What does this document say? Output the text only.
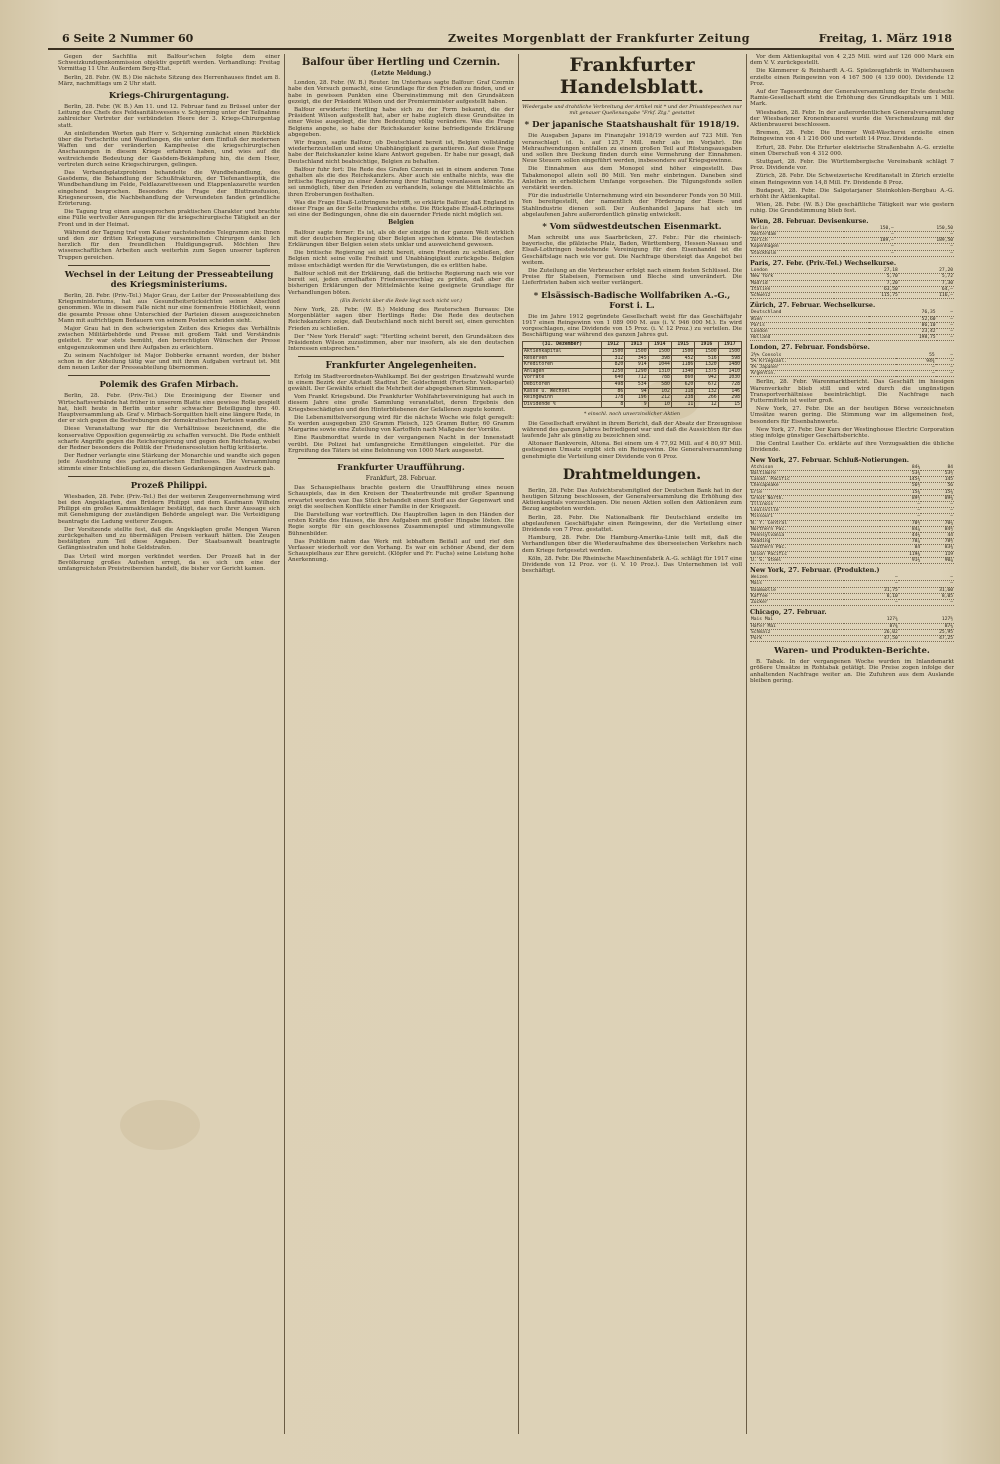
6 Seite 2 Nummer 60	Zweites Morgenblatt der Frankfurter Zeitung	Freitag, 1. März 1918

Gegen der Sachfilia mit Balfour'schen folgte dem einer Schweizkundigenkommission objektiv geprüft werden. Verhandlung: Freitag Vormittag 11 Uhr. Außerdem Berg-Etat.

Berlin, 28. Febr. (W. B.) Die nächste Sitzung des Herrenhauses findet am 8. März, nachmittags um 2 Uhr statt.

Kriegs-Chirurgentagung.

Berlin, 28. Febr. (W. B.) Am 11. und 12. Februar fand zu Brüssel unter der Leitung des Chefs des Feldsanitätswesens v. Schjerning unter der Teilnahme zahlreicher Vertreter der verbündeten Heere der 3. Kriegs-Chirurgentag statt.

An einleitenden Worten gab Herr v. Schjerning zunächst einen Rückblick über die Fortschritte und Wandlungen, die unter dem Einfluß der modernen Waffen und der veränderten Kampfweise die kriegschirurgischen Anschauungen in diesem Kriege erfahren haben, und wies auf die weitreichende Bedeutung der Gasödem-Bekämpfung hin, die dem Heer, vertreten durch seine Kriegschirurgen, gelingen.

Das Verbandsplatzproblem behandelte die Wundbehandlung, des Gasödems, die Behandlung der Schußfrakturen, der Tiefenantiseptik, die Wundbehandlung im Felde, Feldlazarettwesen und Etappenlazarette wurden eingehend besprochen. Besonders die Frage der Bluttransfusion, Kriegsneurosen, die Nachbehandlung der Verwundeten fanden gründliche Erörterung.

Die Tagung trug einen ausgesprochen praktischen Charakter und brachte eine Fülle wertvoller Anregungen für die kriegschirurgische Tätigkeit an der Front und in der Heimat.

Während der Tagung traf vom Kaiser nachstehendes Telegramm ein: Ihnen und den zur dritten Kriegstagung versammelten Chirurgen danke Ich herzlich für den freundlichen Huldigungsgruß. Möchten Ihre wissenschaftlichen Arbeiten auch weiterhin zum Segen unserer tapferen Truppen gereichen.

Wechsel in der Leitung der Presseabteilung des Kriegsministeriums.

Berlin, 28. Febr. (Priv.-Tel.) Major Grau, der Leiter der Presseabteilung des Kriegsministeriums, hat aus Gesundheitsrücksichten seinen Abschied genommen. Wie in diesem Falle nicht nur eine formenfreie Höflichkeit, wenn die gesamte Presse ohne Unterschied der Parteien diesen ausgezeichneten Mann mit aufrichtigem Bedauern von seinem Posten scheiden sieht.

Major Grau hat in den schwierigsten Zeiten des Krieges das Verhältnis zwischen Militärbehörde und Presse mit großem Takt und Verständnis geleitet. Er war stets bemüht, den berechtigten Wünschen der Presse entgegenzukommen und ihre Aufgaben zu erleichtern.

Zu seinem Nachfolger ist Major Dobberke ernannt worden, der bisher schon in der Abteilung tätig war und mit ihren Aufgaben vertraut ist. Mit dem neuen Leiter der Presseabteilung übernommen.

Polemik des Grafen Mirbach.

Berlin, 28. Febr. (Priv.-Tel.) Die Erzeinigung der Eisener und Wirtschaftsverbände hat früher in unserem Blatte eine gewisse Rolle gespielt hat, hielt heute in Berlin unter sehr schwacher Beteiligung ihre 40. Hauptversammlung ab. Graf v. Mirbach-Sorquitten hielt eine längere Rede, in der er sich gegen die Bestrebungen der demokratischen Parteien wandte.

Diese Veranstaltung war für die Verhältnisse bezeichnend, die die konservative Opposition gegenwärtig zu schaffen versucht. Die Rede enthielt scharfe Angriffe gegen die Reichsregierung und gegen den Reichstag, wobei der Redner besonders die Politik der Friedensresolution heftig kritisierte.

Der Redner verlangte eine Stärkung der Monarchie und wandte sich gegen jede Ausdehnung des parlamentarischen Einflusses. Die Versammlung stimmte einer Entschließung zu, die diesen Gedankengängen Ausdruck gab.

Prozeß Philippi.

Wiesbaden, 28. Febr. (Priv.-Tel.) Bei der weiteren Zeugenvernehmung wird bei den Angeklagten, den Brüdern Philippi und dem Kaufmann Wilhelm Philippi ein großes Kammaktenlager bestätigt, das nach ihrer Aussage sich mit Genehmigung der zuständigen Behörde angelegt war. Die Verteidigung beantragte die Ladung weiterer Zeugen.

Der Vorsitzende stellte fest, daß die Angeklagten große Mengen Waren zurückgehalten und zu übermäßigen Preisen verkauft hätten. Die Zeugen bestätigten zum Teil diese Angaben. Der Staatsanwalt beantragte Gefängnisstrafen und hohe Geldstrafen.

Das Urteil wird morgen verkündet werden. Der Prozeß hat in der Bevölkerung großes Aufsehen erregt, da es sich um eine der umfangreichsten Preistreibereien handelt, die bisher vor Gericht kamen.

Balfour über Hertling und Czernin.
(Letzte Meldung.)

London, 28. Febr. (W. B.) Reuter. Im Unterhaus sagte Balfour: Graf Czernin habe den Versuch gemacht, eine Grundlage für den Frieden zu finden, und er habe in gewissen Punkten eine Übereinstimmung mit den Grundsätzen gezeigt, die der Präsident Wilson und der Premierminister aufgestellt haben.

Balfour erwiderte: Hertling habe sich zu der Form bekannt, die der Präsident Wilson aufgestellt hat, aber er habe zugleich diese Grundsätze in einer Weise ausgelegt, die ihre Bedeutung völlig verändere. Was die Frage Belgiens angehe, so habe der Reichskanzler keine befriedigende Erklärung abgegeben.

Wir fragen, sagte Balfour, ob Deutschland bereit ist, Belgien vollständig wiederherzustellen und seine Unabhängigkeit zu garantieren. Auf diese Frage habe der Reichskanzler keine klare Antwort gegeben. Er habe nur gesagt, daß Deutschland nicht beabsichtige, Belgien zu behalten.

Balfour fuhr fort: Die Rede des Grafen Czernin sei in einem anderen Tone gehalten als die des Reichskanzlers. Aber auch sie enthalte nichts, was die britische Regierung zu einer Änderung ihrer Haltung veranlassen könnte. Es sei unmöglich, über den Frieden zu verhandeln, solange die Mittelmächte an ihren Eroberungen festhalten.

Was die Frage Elsaß-Lothringens betrifft, so erklärte Balfour, daß England in dieser Frage an der Seite Frankreichs stehe. Die Rückgabe Elsaß-Lothringens sei eine der Bedingungen, ohne die ein dauernder Friede nicht möglich sei.

Belgien

Balfour sagte ferner: Es ist, als ob der einzige in der ganzen Welt wirklich mit der deutschen Regierung über Belgien sprechen könnte. Die deutschen Erklärungen über Belgien seien stets unklar und ausweichend gewesen.

Die britische Regierung sei nicht bereit, einen Frieden zu schließen, der Belgien nicht seine volle Freiheit und Unabhängigkeit zurückgebe. Belgien müsse entschädigt werden für die Verwüstungen, die es erlitten habe.

Balfour schloß mit der Erklärung, daß die britische Regierung nach wie vor bereit sei, jeden ernsthaften Friedensvorschlag zu prüfen, daß aber die bisherigen Erklärungen der Mittelmächte keine geeignete Grundlage für Verhandlungen böten.

(Ein Bericht über die Rede liegt noch nicht vor.)

New York, 28. Febr. (W. B.) Meldung des Reuterschen Bureaus: Die Morgenblätter sagen über Hertlings Rede: Die Rede des deutschen Reichskanzlers zeige, daß Deutschland noch nicht bereit sei, einen gerechten Frieden zu schließen.

Der "New York Herald" sagt: "Hertling scheint bereit, den Grundsätzen des Präsidenten Wilson zuzustimmen, aber nur insofern, als sie den deutschen Interessen entsprechen."

Frankfurter Angelegenheiten.

Erfolg im Stadtverordneten-Wahlkampf. Bei der gestrigen Ersatzwahl wurde in einem Bezirk der Altstadt Stadtrat Dr. Goldschmidt (Fortschr. Volkspartei) gewählt. Der Gewählte erhielt die Mehrheit der abgegebenen Stimmen.

Vom Frankf. Kriegsbund. Die Frankfurter Wohlfahrtsvereinigung hat auch in diesem Jahre eine große Sammlung veranstaltet, deren Ergebnis den Kriegsbeschädigten und den Hinterbliebenen der Gefallenen zugute kommt.

Die Lebensmittelversorgung wird für die nächste Woche wie folgt geregelt: Es werden ausgegeben 250 Gramm Fleisch, 125 Gramm Butter, 60 Gramm Margarine sowie eine Zuteilung von Kartoffeln nach Maßgabe der Vorräte.

Eine Raubmordtat wurde in der vergangenen Nacht in der Innenstadt verübt. Die Polizei hat umfangreiche Ermittlungen eingeleitet. Für die Ergreifung des Täters ist eine Belohnung von 1000 Mark ausgesetzt.

Frankfurter Uraufführung.
Frankfurt, 28. Februar.

Das Schauspielhaus brachte gestern die Uraufführung eines neuen Schauspiels, das in den Kreisen der Theaterfreunde mit großer Spannung erwartet worden war. Das Stück behandelt einen Stoff aus der Gegenwart und zeigt die seelischen Konflikte einer Familie in der Kriegszeit.

Die Darstellung war vortrefflich. Die Hauptrollen lagen in den Händen der ersten Kräfte des Hauses, die ihre Aufgaben mit großer Hingabe lösten. Die Regie sorgte für ein geschlossenes Zusammenspiel und stimmungsvolle Bühnenbilder.

Das Publikum nahm das Werk mit lebhaftem Beifall auf und rief den Verfasser wiederholt vor den Vorhang. Es war ein schöner Abend, der dem Schauspielhaus zur Ehre gereicht. (Klöpfer und Fr. Fuchs) seine Leistung hohe Anerkennung.

Frankfurter Handelsblatt.
Wiedergabe und drahtliche Verbreitung der Artikel mit * und der Privatdepeschen nur mit genauer Quellenangabe "Frkf. Ztg." gestattet
* Der japanische Staatshaushalt für 1918/19.

Die Ausgaben Japans im Finanzjahr 1918/19 werden auf 723 Mill. Yen veranschlagt (d. h. auf 125,7 Mill. mehr als im Vorjahr). Die Mehraufwendungen entfallen zu einem großen Teil auf Rüstungsausgaben und sollen ihre Deckung finden durch eine Vermehrung der Einnahmen. Neue Steuern sollen eingeführt werden, insbesondere auf Kriegsgewinne.

Die Einnahmen aus dem Monopol sind höher eingestellt. Das Tabakmonopol allein soll 80 Mill. Yen mehr einbringen. Daneben sind Anleihen in erheblichem Umfange vorgesehen. Die Tilgungsfonds sollen verstärkt werden.

Für die industrielle Unternehmung wird ein besonderer Fonds von 50 Mill. Yen bereitgestellt, der namentlich der Förderung der Eisen- und Stahlindustrie dienen soll. Der Außenhandel Japans hat sich im abgelaufenen Jahre außerordentlich günstig entwickelt.

* Vom südwestdeutschen Eisenmarkt.

Man schreibt uns aus Saarbrücken, 27. Febr.: Für die rheinisch-bayerische, die pfälzische Pfalz, Baden, Württemberg, Hessen-Nassau und Elsaß-Lothringen bestehende Vereinigung für den Eisenhandel ist die Geschäftslage nach wie vor gut. Die Nachfrage übersteigt das Angebot bei weitem.

Die Zuteilung an die Verbraucher erfolgt nach einem festen Schlüssel. Die Preise für Stabeisen, Formeisen und Bleche sind unverändert. Die Lieferfristen haben sich weiter verlängert.

* Elsässisch-Badische Wollfabriken A.-G., Forst i. L.

Die im Jahre 1912 gegründete Gesellschaft weist für das Geschäftsjahr 1917 einen Reingewinn von 1 089 000 M. aus (i. V. 946 000 M.). Es wird vorgeschlagen, eine Dividende von 15 Proz. (i. V. 12 Proz.) zu verteilen. Die Beschäftigung war während des ganzen Jahres gut.

(31. Dezember)	1912	1913	1914	1915	1916	1917
Aktienkapital	1500	1500	1500	1500	1500	1500
Reserven	312	345	398	452	516	598
Kreditoren	820	914	1044	1186	1320	1480
Anlagen	1250	1290	1310	1340	1375	1410
Vorräte	640	712	788	860	942	1030
Debitoren	498	534	580	620	672	728
Kasse u. Wechsel	86	94	102	118	132	146
Reingewinn	178	196	212	238	266	298
Dividende %	8	9	10	11	12	15
* einschl. noch unverzinslicher Aktien

Die Gesellschaft erwähnt in ihrem Bericht, daß der Absatz der Erzeugnisse während des ganzen Jahres befriedigend war und daß die Aussichten für das laufende Jahr als günstig zu bezeichnen sind.

Altonaer Bankverein, Altona. Bei einem um 4 77,92 Mill. auf 4 80,97 Mill. gestiegenen Umsatz ergibt sich ein Reingewinn. Die Generalversammlung genehmigte die Verteilung einer Dividende von 6 Proz.

Drahtmeldungen.

Berlin, 28. Febr. Das Aufsichtsratsmitglied der Deutschen Bank hat in der heutigen Sitzung beschlossen, der Generalversammlung die Erhöhung des Aktienkapitals vorzuschlagen. Die neuen Aktien sollen den Aktionären zum Bezug angeboten werden.

Berlin, 28. Febr. Die Nationalbank für Deutschland erzielte im abgelaufenen Geschäftsjahr einen Reingewinn, der die Verteilung einer Dividende von 7 Proz. gestattet.

Hamburg, 28. Febr. Die Hamburg-Amerika-Linie teilt mit, daß die Verhandlungen über die Wiederaufnahme des überseeischen Verkehrs nach dem Kriege fortgesetzt werden.

Köln, 28. Febr. Die Rheinische Maschinenfabrik A.-G. schlägt für 1917 eine Dividende von 12 Proz. vor (i. V. 10 Proz.). Das Unternehmen ist voll beschäftigt.

Vor dem Aktienkapital von 4 2,25 Mill. wird auf 126 000 Mark ein dem V. V. zurückgestellt.

Die Kämmerer & Reinhardt A.-G. Spielzeugfabrik in Waltershausen erzielte einen Reingewinn von 4 167 500 (4 139 000). Dividende 12 Proz.

Auf der Tagesordnung der Generalversammlung der Erste deutsche Ramie-Gesellschaft steht die Erhöhung des Grundkapitals um 1 Mill. Mark.

Wiesbaden, 28. Febr. In der außerordentlichen Generalversammlung der Wiesbadener Kronenbrauerei wurde die Verschmelzung mit der Aktienbrauerei beschlossen.

Bremen, 28. Febr. Die Bremer Woll-Wäscherei erzielte einen Reingewinn von 4 1 216 000 und verteilt 14 Proz. Dividende.

Erfurt, 28. Febr. Die Erfurter elektrische Straßenbahn A.-G. erzielte einen Überschuß von 4 312 000.

Stuttgart, 28. Febr. Die Württembergische Vereinsbank schlägt 7 Proz. Dividende vor.

Zürich, 28. Febr. Die Schweizerische Kreditanstalt in Zürich erzielte einen Reingewinn von 14,8 Mill. Fr. Dividende 8 Proz.

Budapest, 28. Febr. Die Salgotarjaner Steinkohlen-Bergbau A.-G. erhöht ihr Aktienkapital.

Wien, 28. Febr. (W. B.) Die geschäftliche Tätigkeit war wie gestern ruhig. Die Grundstimmung blieb fest.

Wien, 28. Februar. Devisenkurse.
Berlin	150,—	150,50
Amsterdam	—	—
Zürich	189,—	189,50
Kopenhagen	—	—
Stockholm	—	—
Paris, 27. Febr. (Priv.-Tel.) Wechselkurse.
London	27,18	27,20
New York	5,70	5,72
Madrid	7,20	7,30
Italien	63,50	64,—
Schweiz	115,75	116,—
Zürich, 27. Februar. Wechselkurse.
Deutschland	76,35	—
Wien	52,60	—
Paris	86,10	—
London	23,42	—
Holland	198,75	—
London, 27. Februar. Fondsbörse.
2½% Consols	55	—
5% Kriegsanl.	94¾	—
4% Japaner	—	—
Argentin.	—	—

Berlin, 28. Febr. Warenmarktbericht. Das Geschäft im hiesigen Warenverkehr blieb still und wird durch die ungünstigen Transportverhältnisse beeinträchtigt. Die Nachfrage nach Futtermitteln ist weiter groß.

New York, 27. Febr. Die an der heutigen Börse verzeichneten Umsätze waren gering. Die Stimmung war im allgemeinen fest, besonders für Eisenbahnwerte.

New York, 27. Febr. Der Kurs der Westinghouse Electric Corporation stieg infolge günstiger Geschäftsberichte.

Die Central Leather Co. erklärte auf ihre Vorzugsaktien die übliche Dividende.

New York, 27. Februar. Schluß-Notierungen.
Atchison	84¼	84
Baltimore	53¾	53½
Canad. Pacific	145¼	145
Chesapeake	56½	56
Erie	15⅜	15¼
Great North.	89½	89¼
Illinois	—	—
Louisville	—	—
Missouri	—	—
N. Y. Central	70½	70¼
Northern Pac.	84⅞	84½
Pennsylvania	44¼	44
Reading	78⅞	78½
Southern Pac.	84	83¾
Union Pacific	119⅜	119
U. S. Steel	91¼	90⅞
New York, 27. Februar. (Produkten.)
Weizen	—	—
Mais	—	—
Baumwolle	31,75	31,60
Kaffee	8,10	8,05
Zucker	—	—
Chicago, 27. Februar.
Mais Mai	127¾	127½
Hafer Mai	87⅜	87¼
Schmalz	26,02	25,95
Pork	47,50	47,25
Waren- und Produkten-Berichte.

B. Tabak. In der vergangenen Woche wurden im Inlandsmarkt größere Umsätze in Rohtabak getätigt. Die Preise zogen infolge der anhaltenden Nachfrage weiter an. Die Zufuhren aus dem Auslande bleiben gering.
